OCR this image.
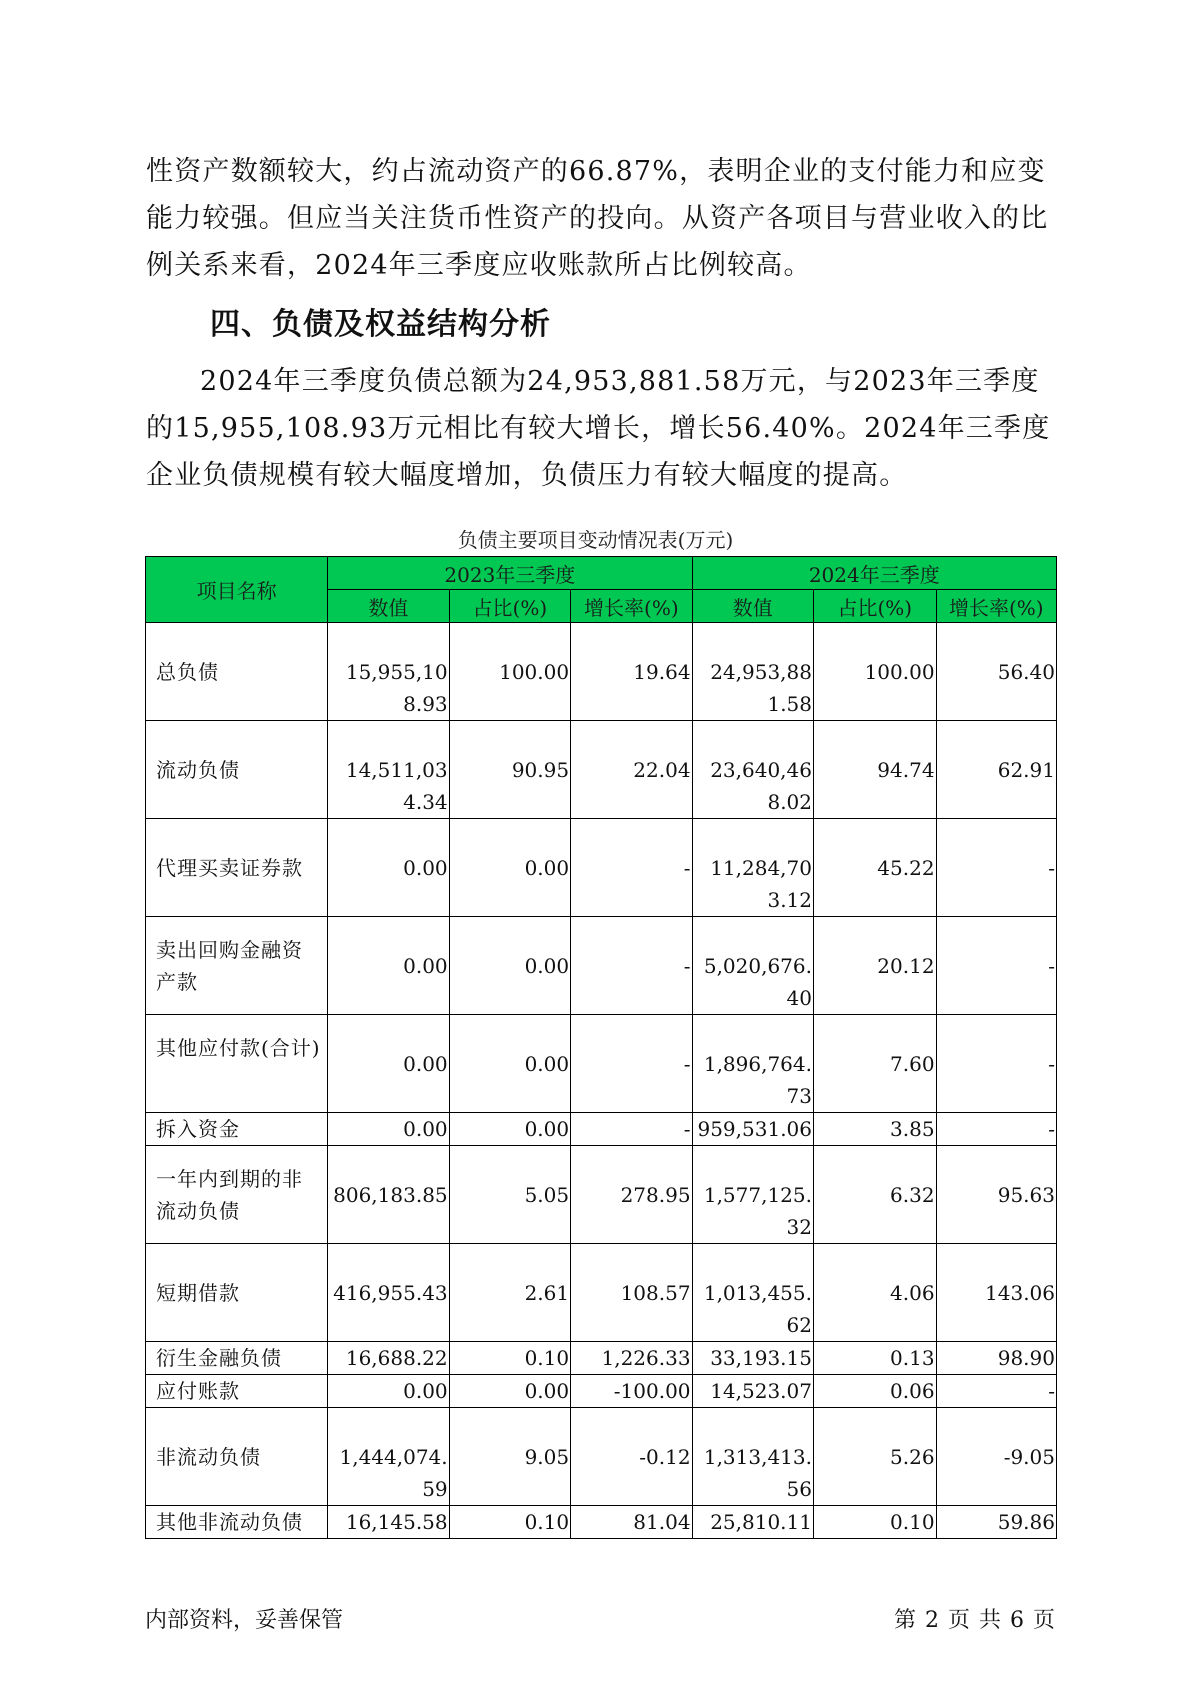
性资产数额较大，约占流动资产的66.87%，表明企业的支付能力和应变能力较强。但应当关注货币性资产的投向。从资产各项目与营业收入的比例关系来看，2024年三季度应收账款所占比例较高。

四、负债及权益结构分析

2024年三季度负债总额为24,953,881.58万元，与2023年三季度的15,955,108.93万元相比有较大增长，增长56.40%。2024年三季度企业负债规模有较大幅度增加，负债压力有较大幅度的提高。

负债主要项目变动情况表(万元)
项目名称	2023年三季度			2024年三季度		
	数值	占比(%)	增长率(%)	数值	占比(%)	增长率(%)

总负债	15,955,108.93	100.00	19.64	24,953,881.58	100.00	56.40

流动负债	14,511,034.34	90.95	22.04	23,640,468.02	94.74	62.91

代理买卖证券款	0.00	0.00	-	11,284,703.12	45.22	-

卖出回购金融资产款	0.00	0.00	-	5,020,676.40	20.12	-

其他应付款(合计)	0.00	0.00	-	1,896,764.73	7.60	-

拆入资金	0.00	0.00	-	959,531.06	3.85	-

一年内到期的非流动负债	806,183.85	5.05	278.95	1,577,125.32	6.32	95.63

短期借款	416,955.43	2.61	108.57	1,013,455.62	4.06	143.06

衍生金融负债	16,688.22	0.10	1,226.33	33,193.15	0.13	98.90

应付账款	0.00	0.00	-100.00	14,523.07	0.06	-

非流动负债	1,444,074.59	9.05	-0.12	1,313,413.56	5.26	-9.05

其他非流动负债	16,145.58	0.10	81.04	25,810.11	0.10	59.86
内部资料，妥善保管	第 2 页 共 6 页
